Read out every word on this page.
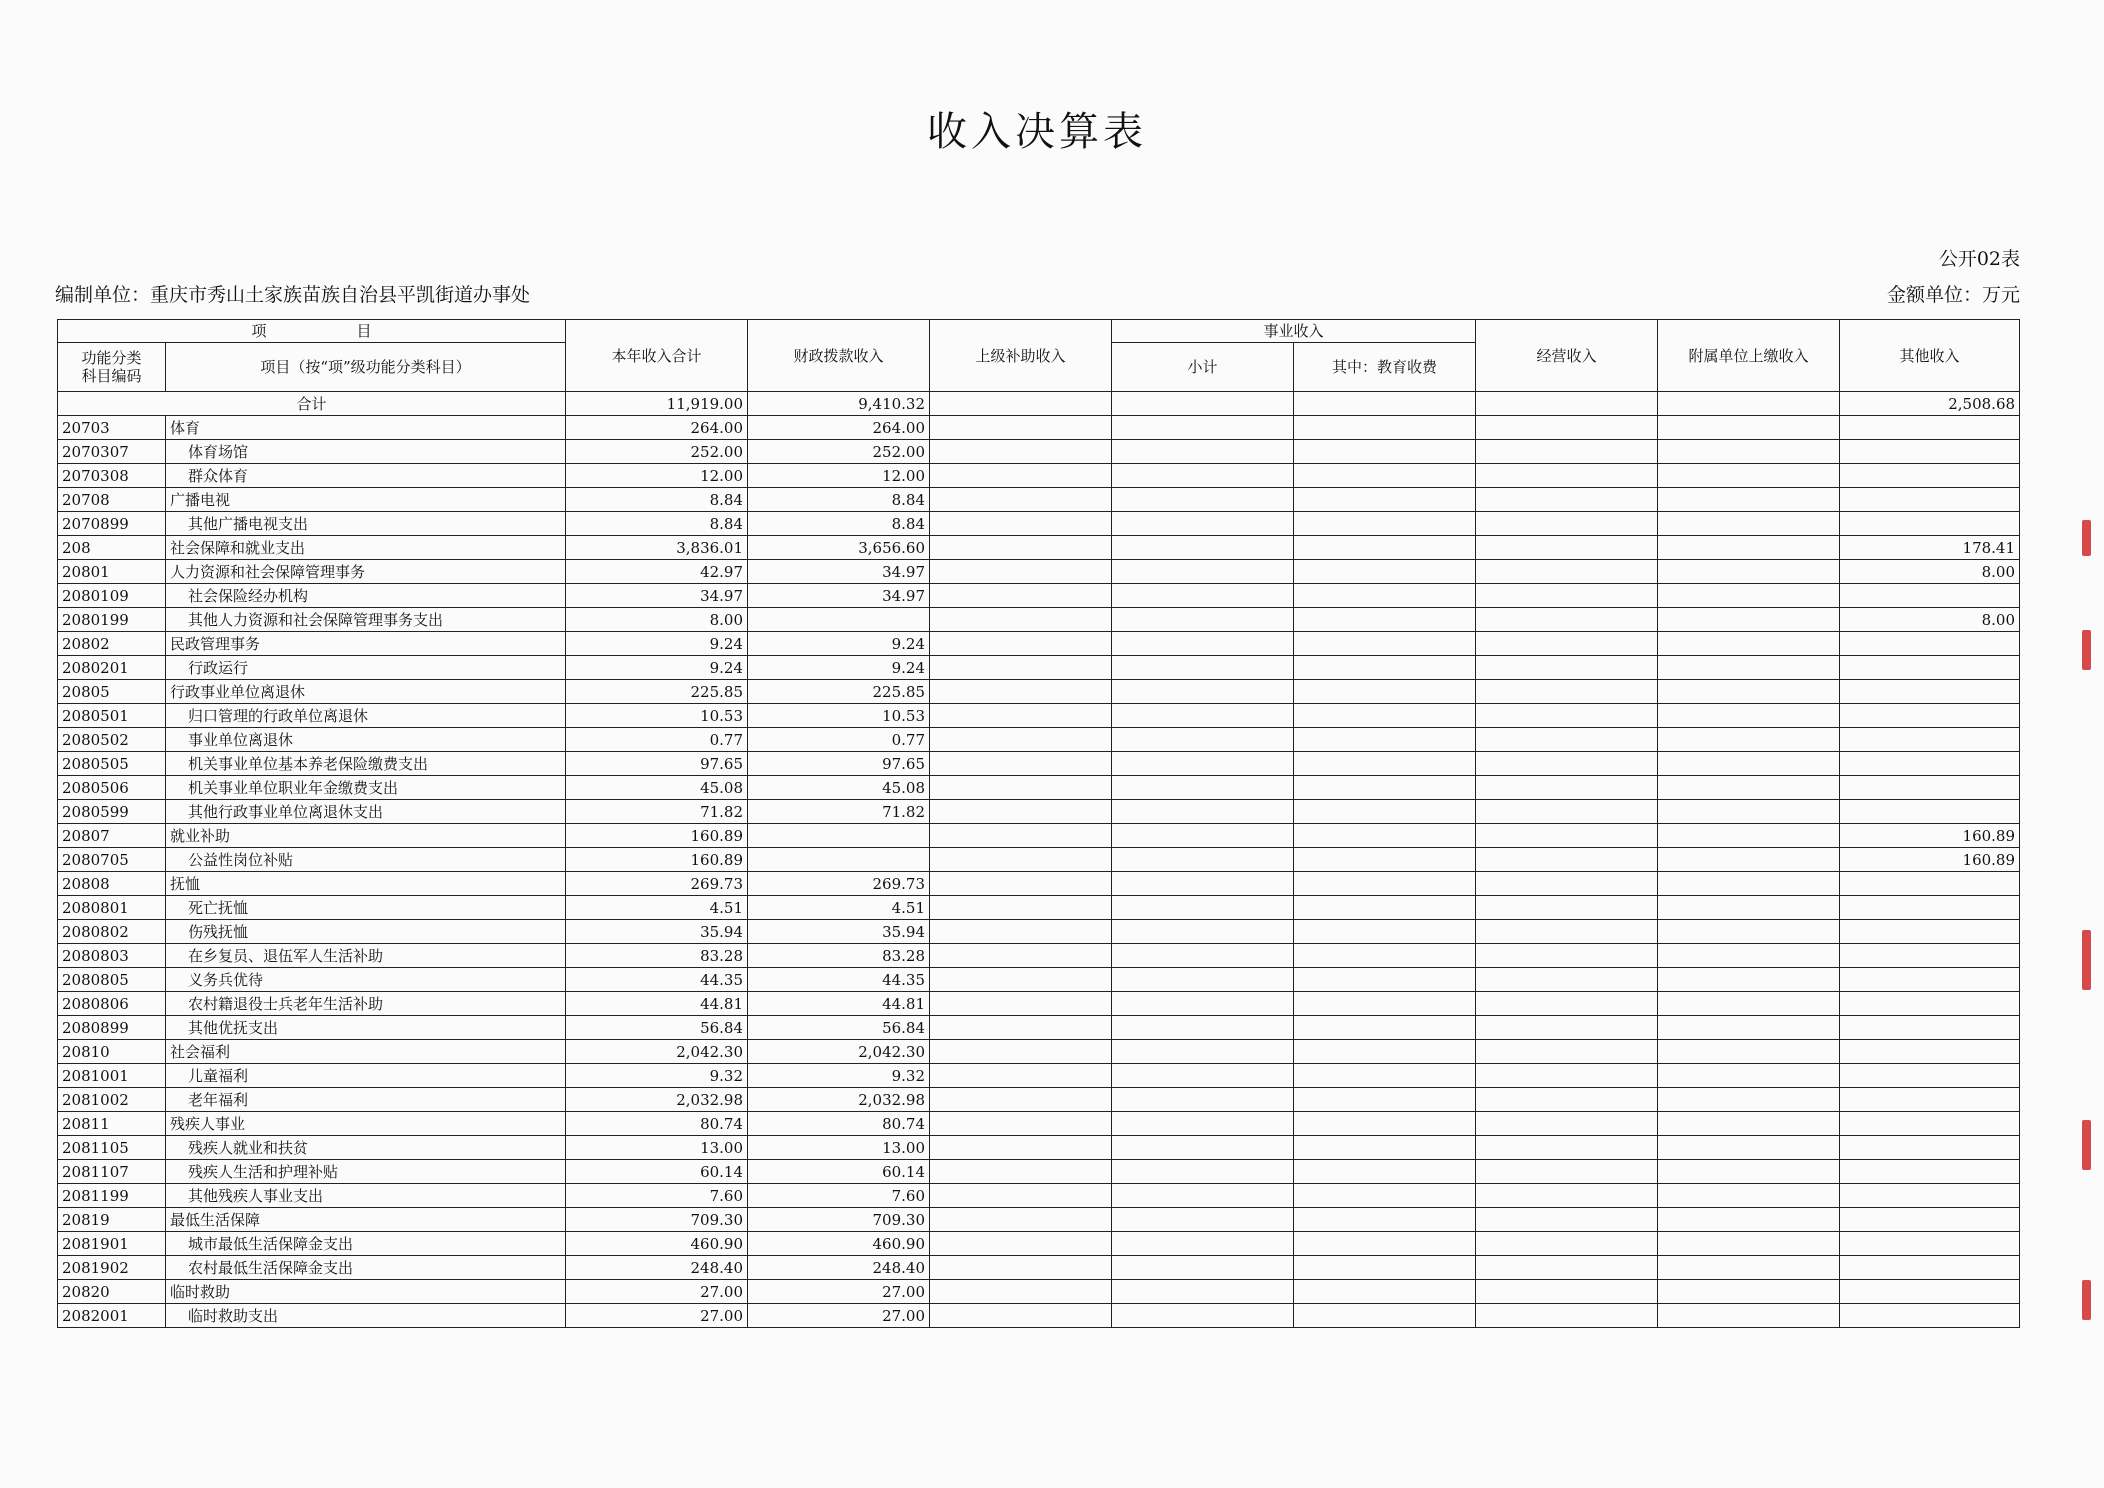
收入决算表
公开02表
编制单位：重庆市秀山土家族苗族自治县平凯街道办事处	金额单位：万元
项　　　　　　目		本年收入合计	财政拨款收入	上级补助收入	事业收入		经营收入	附属单位上缴收入	其他收入
功能分类
科目编码	项目（按“项”级功能分类科目）								
					小计	其中：教育收费			
合计		11,919.00	9,410.32						2,508.68
20703	体育	264.00	264.00						
2070307	体育场馆	252.00	252.00						
2070308	群众体育	12.00	12.00						
20708	广播电视	8.84	8.84						
2070899	其他广播电视支出	8.84	8.84						
208	社会保障和就业支出	3,836.01	3,656.60						178.41
20801	人力资源和社会保障管理事务	42.97	34.97						8.00
2080109	社会保险经办机构	34.97	34.97						
2080199	其他人力资源和社会保障管理事务支出	8.00							8.00
20802	民政管理事务	9.24	9.24						
2080201	行政运行	9.24	9.24						
20805	行政事业单位离退休	225.85	225.85						
2080501	归口管理的行政单位离退休	10.53	10.53						
2080502	事业单位离退休	0.77	0.77						
2080505	机关事业单位基本养老保险缴费支出	97.65	97.65						
2080506	机关事业单位职业年金缴费支出	45.08	45.08						
2080599	其他行政事业单位离退休支出	71.82	71.82						
20807	就业补助	160.89							160.89
2080705	公益性岗位补贴	160.89							160.89
20808	抚恤	269.73	269.73						
2080801	死亡抚恤	4.51	4.51						
2080802	伤残抚恤	35.94	35.94						
2080803	在乡复员、退伍军人生活补助	83.28	83.28						
2080805	义务兵优待	44.35	44.35						
2080806	农村籍退役士兵老年生活补助	44.81	44.81						
2080899	其他优抚支出	56.84	56.84						
20810	社会福利	2,042.30	2,042.30						
2081001	儿童福利	9.32	9.32						
2081002	老年福利	2,032.98	2,032.98						
20811	残疾人事业	80.74	80.74						
2081105	残疾人就业和扶贫	13.00	13.00						
2081107	残疾人生活和护理补贴	60.14	60.14						
2081199	其他残疾人事业支出	7.60	7.60						
20819	最低生活保障	709.30	709.30						
2081901	城市最低生活保障金支出	460.90	460.90						
2081902	农村最低生活保障金支出	248.40	248.40						
20820	临时救助	27.00	27.00						
2082001	临时救助支出	27.00	27.00						
